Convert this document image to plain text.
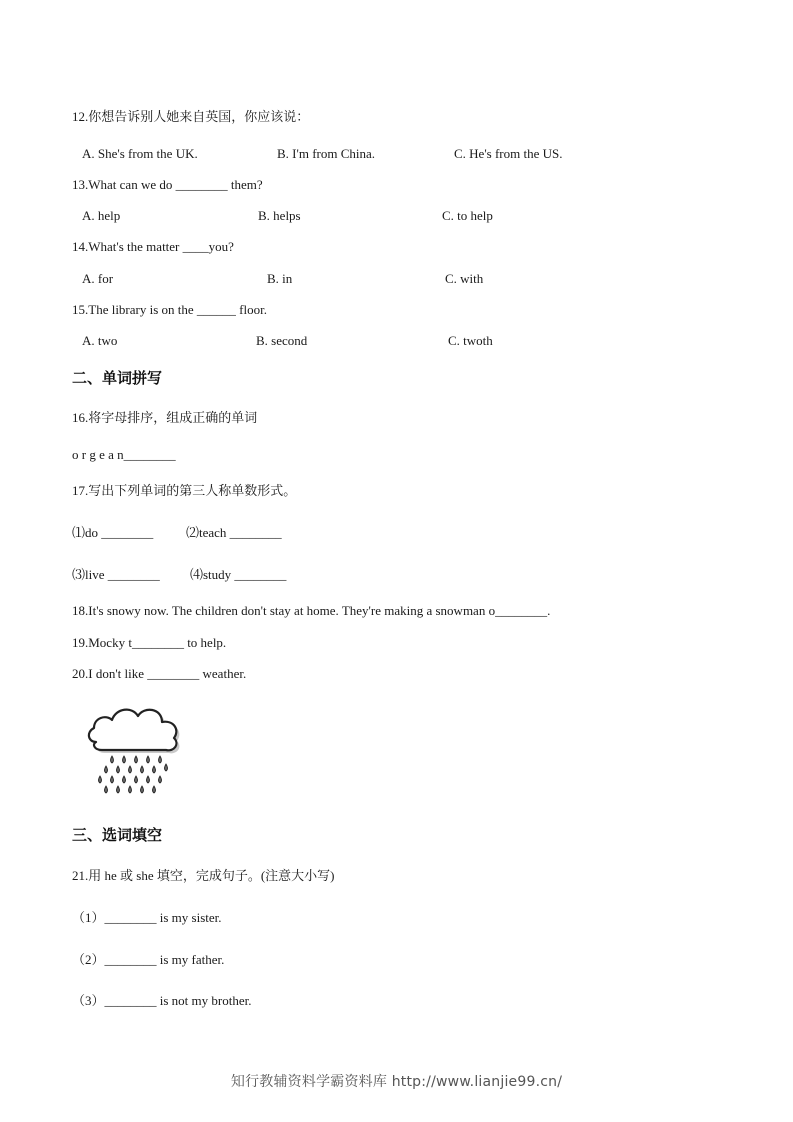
12.你想告诉别人她来自英国，你应该说：
A. She's from the UK.	B. I'm from China.	C. He's from the US.
13.What can we do ________ them?
A. help	B. helps	C. to help
14.What's the matter ____you?
A. for	B. in	C. with
15.The library is on the ______ floor.
A. two	B. second	C. twoth
二、单词拼写
16.将字母排序，组成正确的单词
o r g e a n________
17.写出下列单词的第三人称单数形式。
⑴do ________	⑵teach ________
⑶live ________ ⑷study ________
18.It's snowy now. The children don't stay at home. They're making a snowman o________.
19.Mocky t________ to help.
20.I don't like ________ weather.
三、选词填空
21.用 he 或 she 填空，完成句子。(注意大小写)
（1）________ is my sister.
（2）________ is my father.
（3）________ is not my brother.
知行教辅资料学霸资料库 http://www.lianjie99.cn/
